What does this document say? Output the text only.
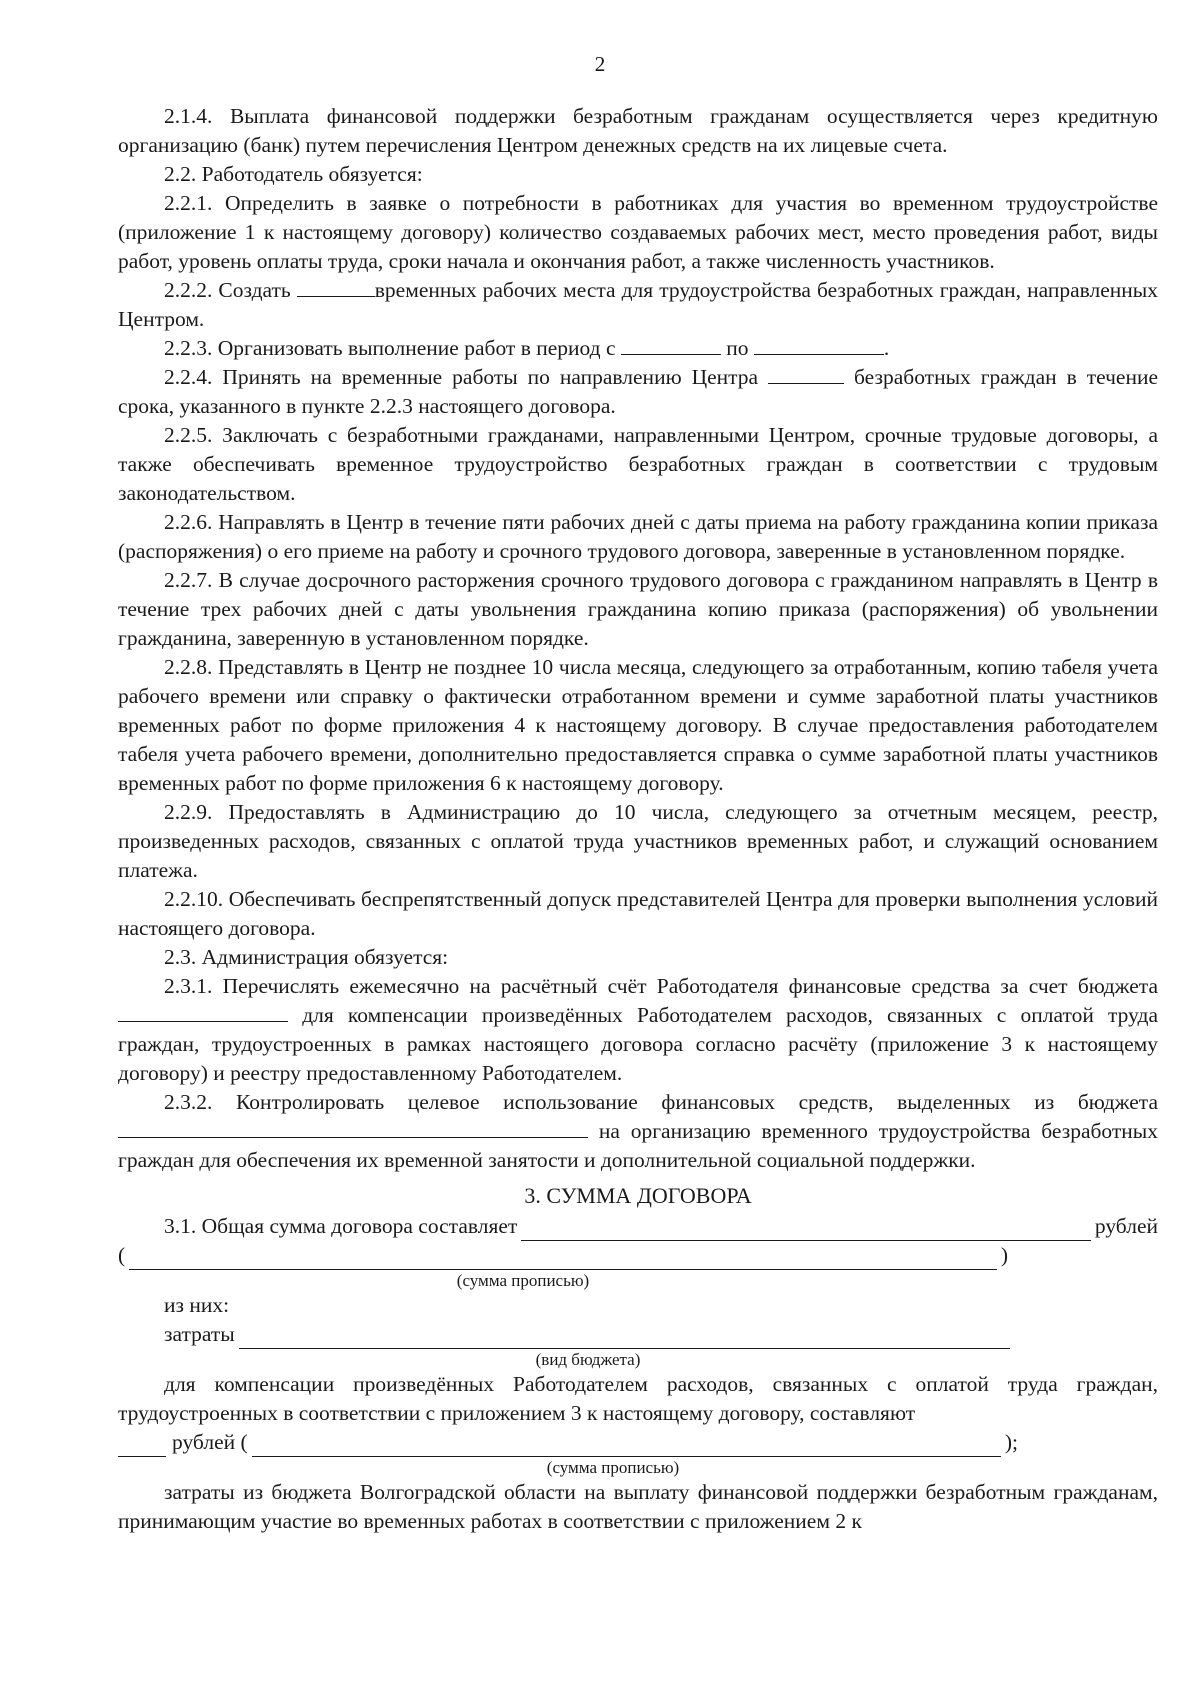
2

2.1.4. Выплата финансовой поддержки безработным гражданам осуществляется через кредитную организацию (банк) путем перечисления Центром денежных средств на их лицевые счета.

2.2. Работодатель обязуется:

2.2.1. Определить в заявке о потребности в работниках для участия во временном трудоустройстве (приложение 1 к настоящему договору) количество создаваемых рабочих мест, место проведения работ, виды работ, уровень оплаты труда, сроки начала и окончания работ, а также численность участников.

2.2.2. Создать	временных рабочих места для трудоустройства безработных граждан, направленных Центром.

2.2.3. Организовать выполнение работ в период с	по	.

2.2.4. Принять на временные работы по направлению Центра	безработных граждан в течение срока, указанного в пункте 2.2.3 настоящего договора.

2.2.5. Заключать с безработными гражданами, направленными Центром, срочные трудовые договоры, а также обеспечивать временное трудоустройство безработных граждан в соответствии с трудовым законодательством.

2.2.6. Направлять в Центр в течение пяти рабочих дней с даты приема на работу гражданина копии приказа (распоряжения) о его приеме на работу и срочного трудового договора, заверенные в установленном порядке.

2.2.7. В случае досрочного расторжения срочного трудового договора с гражданином направлять в Центр в течение трех рабочих дней с даты увольнения гражданина копию приказа (распоряжения) об увольнении гражданина, заверенную в установленном порядке.

2.2.8. Представлять в Центр не позднее 10 числа месяца, следующего за отработанным, копию табеля учета рабочего времени или справку о фактически отработанном времени и сумме заработной платы участников временных работ по форме приложения 4 к настоящему договору. В случае предоставления работодателем табеля учета рабочего времени, дополнительно предоставляется справка о сумме заработной платы участников временных работ по форме приложения 6 к настоящему договору.

2.2.9. Предоставлять в Администрацию до 10 числа, следующего за отчетным месяцем, реестр, произведенных расходов, связанных с оплатой труда участников временных работ, и служащий основанием платежа.

2.2.10. Обеспечивать беспрепятственный допуск представителей Центра для проверки выполнения условий настоящего договора.

2.3. Администрация обязуется:

2.3.1. Перечислять ежемесячно на расчётный счёт Работодателя финансовые средства за счет бюджета  для компенсации произведённых Работодателем расходов, связанных с оплатой труда граждан, трудоустроенных в рамках настоящего договора согласно расчёту (приложение 3 к настоящему договору) и реестру предоставленному Работодателем.

2.3.2. Контролировать целевое использование финансовых средств, выделенных из бюджета  на организацию временного трудоустройства безработных граждан для обеспечения их временной занятости и дополнительной социальной поддержки.

3. СУММА ДОГОВОРА

3.1. Общая сумма договора составляет	рублей
(	)
(сумма прописью)

из них:

затраты
(вид бюджета)

для компенсации произведённых Работодателем расходов, связанных с оплатой труда граждан, трудоустроенных в соответствии с приложением 3 к настоящему договору, составляют

рублей (	);
(сумма прописью)

затраты из бюджета Волгоградской области на выплату финансовой поддержки безработным гражданам, принимающим участие во временных работах в соответствии с приложением 2 к
